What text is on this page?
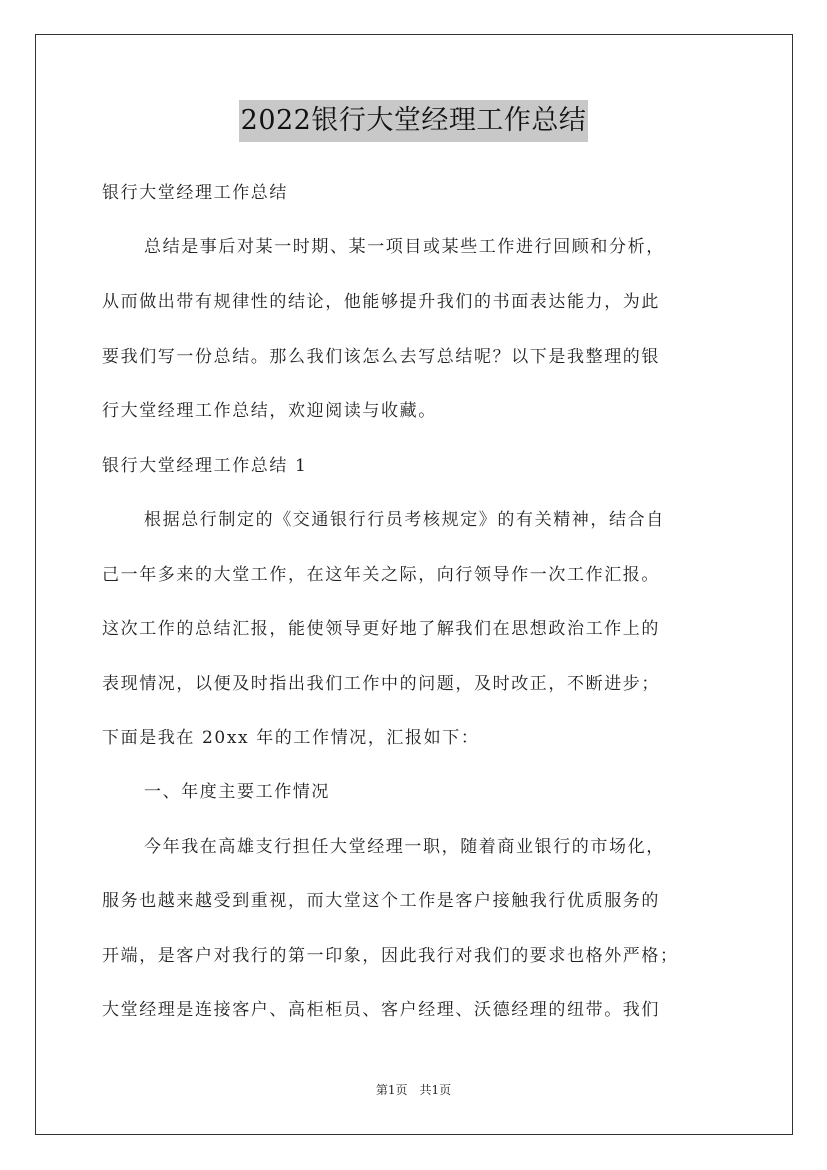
2022银行大堂经理工作总结
银行大堂经理工作总结
总结是事后对某一时期、某一项目或某些工作进行回顾和分析，
从而做出带有规律性的结论，他能够提升我们的书面表达能力，为此
要我们写一份总结。那么我们该怎么去写总结呢？以下是我整理的银
行大堂经理工作总结，欢迎阅读与收藏。
银行大堂经理工作总结 1
根据总行制定的《交通银行行员考核规定》的有关精神，结合自
己一年多来的大堂工作，在这年关之际，向行领导作一次工作汇报。
这次工作的总结汇报，能使领导更好地了解我们在思想政治工作上的
表现情况，以便及时指出我们工作中的问题，及时改正，不断进步；
下面是我在 20xx 年的工作情况，汇报如下：
一、年度主要工作情况
今年我在高雄支行担任大堂经理一职，随着商业银行的市场化，
服务也越来越受到重视，而大堂这个工作是客户接触我行优质服务的
开端，是客户对我行的第一印象，因此我行对我们的要求也格外严格；
大堂经理是连接客户、高柜柜员、客户经理、沃德经理的纽带。我们
第1页　共1页
